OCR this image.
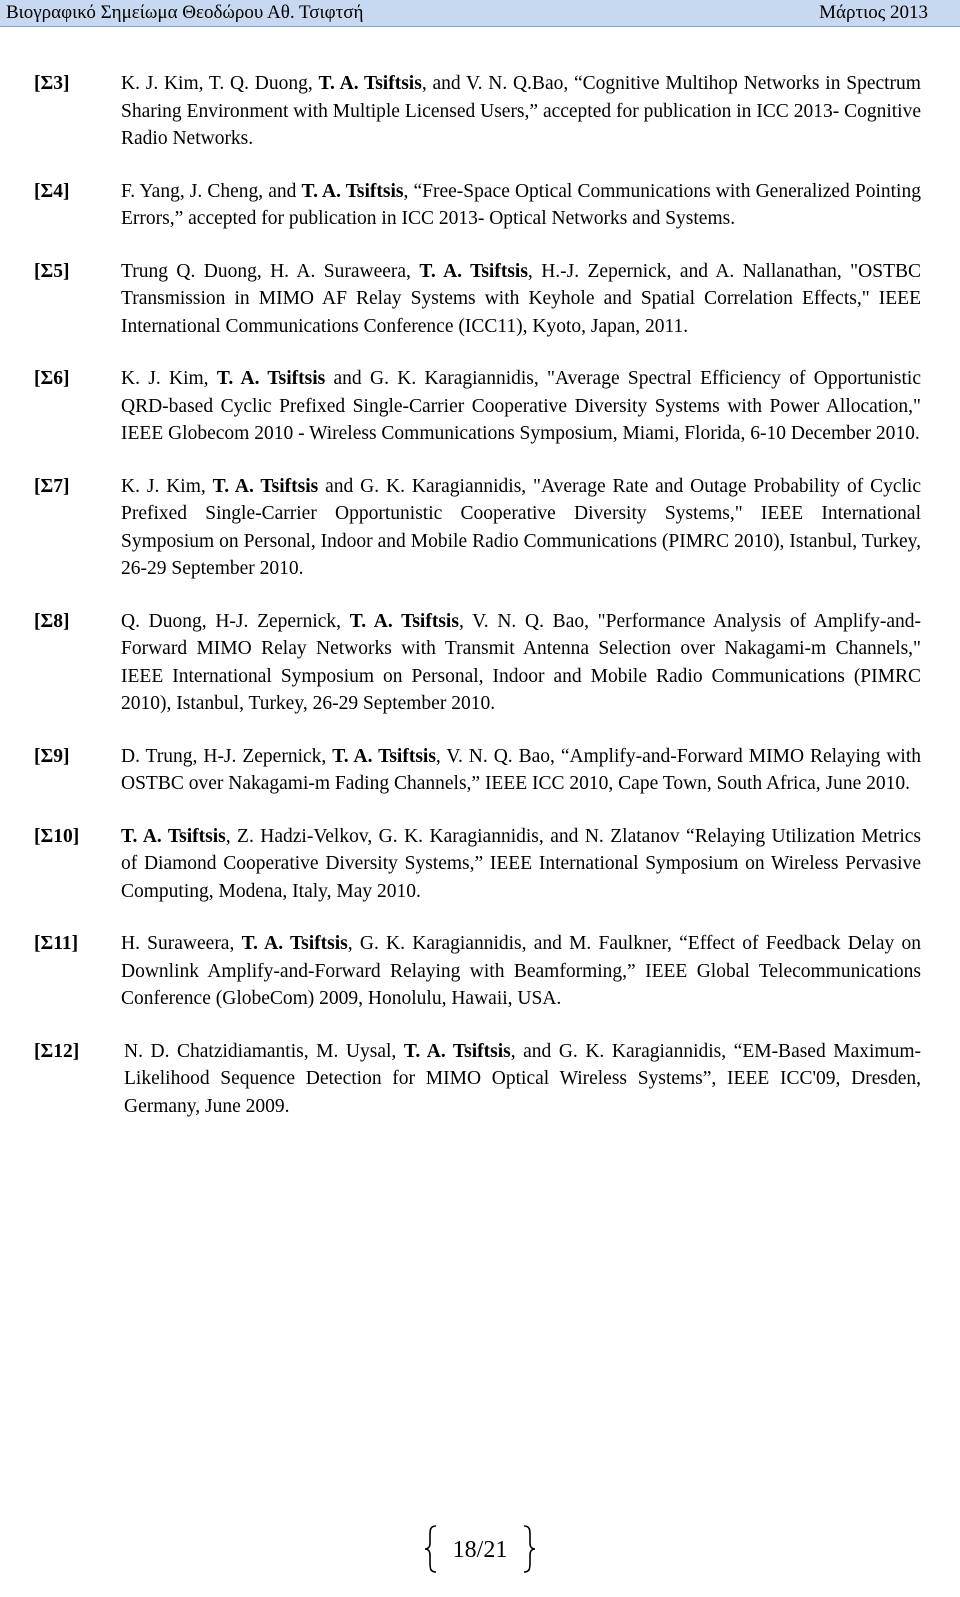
Βιογραφικό Σημείωμα Θεοδώρου Αθ. Τσιφτσή	Μάρτιος 2013
[Σ3]	K. J. Kim, T. Q. Duong, T. A. Tsiftsis, and V. N. Q.Bao, “Cognitive Multihop Networks in Spectrum Sharing Environment with Multiple Licensed Users,” accepted for publication in ICC 2013- Cognitive Radio Networks.
[Σ4]	F. Yang, J. Cheng, and T. A. Tsiftsis, “Free-Space Optical Communications with Generalized Pointing Errors,” accepted for publication in ICC 2013- Optical Networks and Systems.
[Σ5]	Trung Q. Duong, H. A. Suraweera, T. A. Tsiftsis, H.-J. Zepernick, and A. Nallanathan, "OSTBC Transmission in MIMO AF Relay Systems with Keyhole and Spatial Correlation Effects," IEEE International Communications Conference (ICC11), Kyoto, Japan, 2011.
[Σ6]	K. J. Kim, T. A. Tsiftsis and G. K. Karagiannidis, "Average Spectral Efficiency of Opportunistic QRD-based Cyclic Prefixed Single-Carrier Cooperative Diversity Systems with Power Allocation," IEEE Globecom 2010 - Wireless Communications Symposium, Miami, Florida, 6-10 December 2010.
[Σ7]	K. J. Kim, T. A. Tsiftsis and G. K. Karagiannidis, "Average Rate and Outage Probability of Cyclic Prefixed Single-Carrier Opportunistic Cooperative Diversity Systems," IEEE International Symposium on Personal, Indoor and Mobile Radio Communications (PIMRC 2010), Istanbul, Turkey, 26-29 September 2010.
[Σ8]	Q. Duong, H-J. Zepernick, T. A. Tsiftsis, V. N. Q. Bao, "Performance Analysis of Amplify-and-Forward MIMO Relay Networks with Transmit Antenna Selection over Nakagami-m Channels," IEEE International Symposium on Personal, Indoor and Mobile Radio Communications (PIMRC 2010), Istanbul, Turkey, 26-29 September 2010.
[Σ9]	D. Trung, H-J. Zepernick, T. A. Tsiftsis, V. N. Q. Bao, “Amplify-and-Forward MIMO Relaying with OSTBC over Nakagami-m Fading Channels,” IEEE ICC 2010, Cape Town, South Africa, June 2010.
[Σ10] T. A. Tsiftsis, Z. Hadzi-Velkov, G. K. Karagiannidis, and N. Zlatanov “Relaying Utilization Metrics of Diamond Cooperative Diversity Systems,” IEEE International Symposium on Wireless Pervasive Computing, Modena, Italy, May 2010.
[Σ11] H. Suraweera, T. A. Tsiftsis, G. K. Karagiannidis, and M. Faulkner, “Effect of Feedback Delay on Downlink Amplify-and-Forward Relaying with Beamforming,” IEEE Global Telecommunications Conference (GlobeCom) 2009, Honolulu, Hawaii, USA.
[Σ12] N. D. Chatzidiamantis, M. Uysal, T. A. Tsiftsis, and G. K. Karagiannidis, “EM-Based Maximum-Likelihood Sequence Detection for MIMO Optical Wireless Systems”, IEEE ICC'09, Dresden, Germany, June 2009.
18/21
